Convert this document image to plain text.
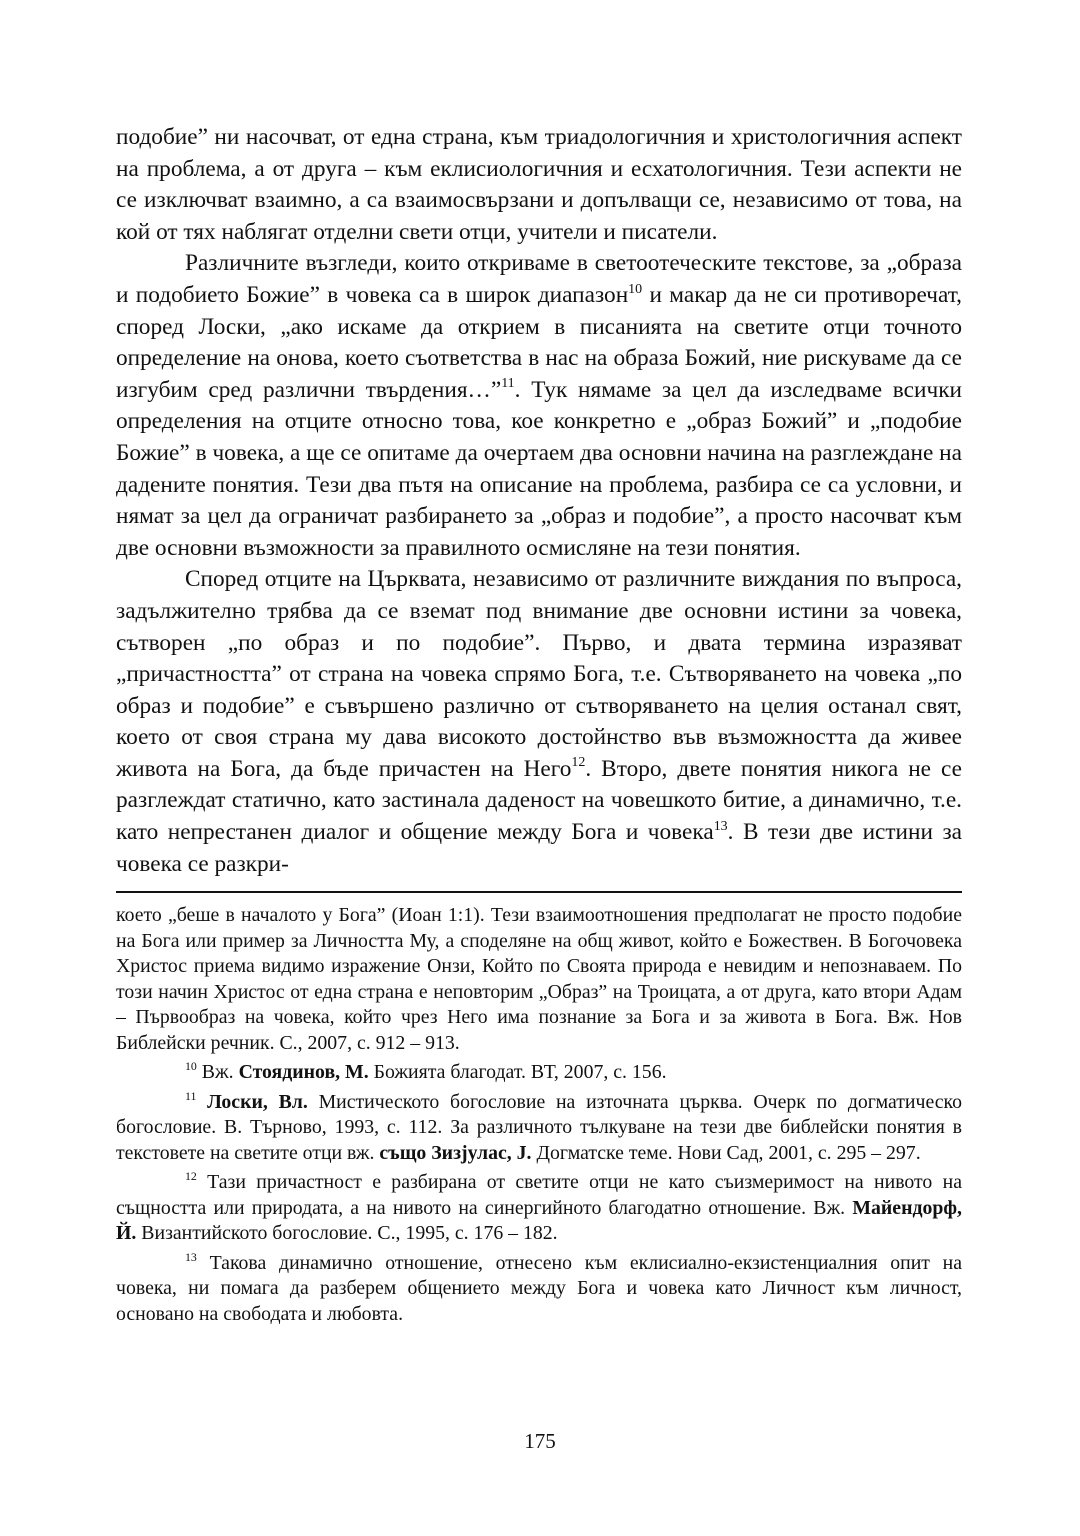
подобие” ни насочват, от една страна, към триадологичния и христологичния аспект на проблема, а от друга – към еклисиологичния и есхатологичния. Тези аспекти не се изключват взаимно, а са взаимосвързани и допълващи се, независимо от това, на кой от тях наблягат отделни свети отци, учители и писатели.

Различните възгледи, които откриваме в светоотеческите текстове, за „образа и подобието Божие” в човека са в широк диапазон$^{10}$ и макар да не си противоречат, според Лоски, „ако искаме да открием в писанията на светите отци точното определение на онова, което съответства в нас на образа Божий, ние рискуваме да се изгубим сред различни твърдения…”$^{11}$. Тук нямаме за цел да изследваме всички определения на отците относно това, кое конкретно е „образ Божий” и „подобие Божие” в човека, а ще се опитаме да очертаем два основни начина на разглеждане на дадените понятия. Тези два пътя на описание на проблема, разбира се са условни, и нямат за цел да ограничат разбирането за „образ и подобие”, а просто насочват към две основни възможности за правилното осмисляне на тези понятия.

Според отците на Църквата, независимо от различните виждания по въпроса, задължително трябва да се вземат под внимание две основни истини за човека, сътворен „по образ и по подобие”. Първо, и двата термина изразяват „причастността” от страна на човека спрямо Бога, т.е. Сътворяването на човека „по образ и подобие” е съвършено различно от сътворяването на целия останал свят, което от своя страна му дава високото достойнство във възможността да живее живота на Бога, да бъде причастен на Него$^{12}$. Второ, двете понятия никога не се разглеждат статично, като застинала даденост на човешкото битие, а динамично, т.е. като непрестанен диалог и общение между Бога и човека$^{13}$. В тези две истини за човека се разкри-

което „беше в началото у Бога” (Иоан 1:1). Тези взаимоотношения предполагат не просто подобие на Бога или пример за Личността Му, а споделяне на общ живот, който е Божествен. В Богочовека Христос приема видимо изражение Онзи, Който по Своята природа е невидим и непознаваем. По този начин Христос от една страна е неповторим „Образ” на Троицата, а от друга, като втори Адам – Първообраз на човека, който чрез Него има познание за Бога и за живота в Бога. Вж. Нов Библейски речник. С., 2007, с. 912 – 913.

$^{10}$ Вж. Стоядинов, М. Божията благодат. ВТ, 2007, с. 156.

$^{11}$ Лоски, Вл. Мистическото богословие на източната църква. Очерк по догматическо богословие. В. Търново, 1993, с. 112. За различното тълкуване на тези две библейски понятия в текстовете на светите отци вж. също Зизјулас, J. Догматске теме. Нови Сад, 2001, с. 295 – 297.

$^{12}$ Тази причастност е разбирана от светите отци не като съизмеримост на нивото на същността или природата, а на нивото на синергийното благодатно отношение. Вж. Майендорф, Й. Византийското богословие. С., 1995, с. 176 – 182.

$^{13}$ Такова динамично отношение, отнесено към еклисиално-екзистенциалния опит на човека, ни помага да разберем общението между Бога и човека като Личност към личност, основано на свободата и любовта.

175
